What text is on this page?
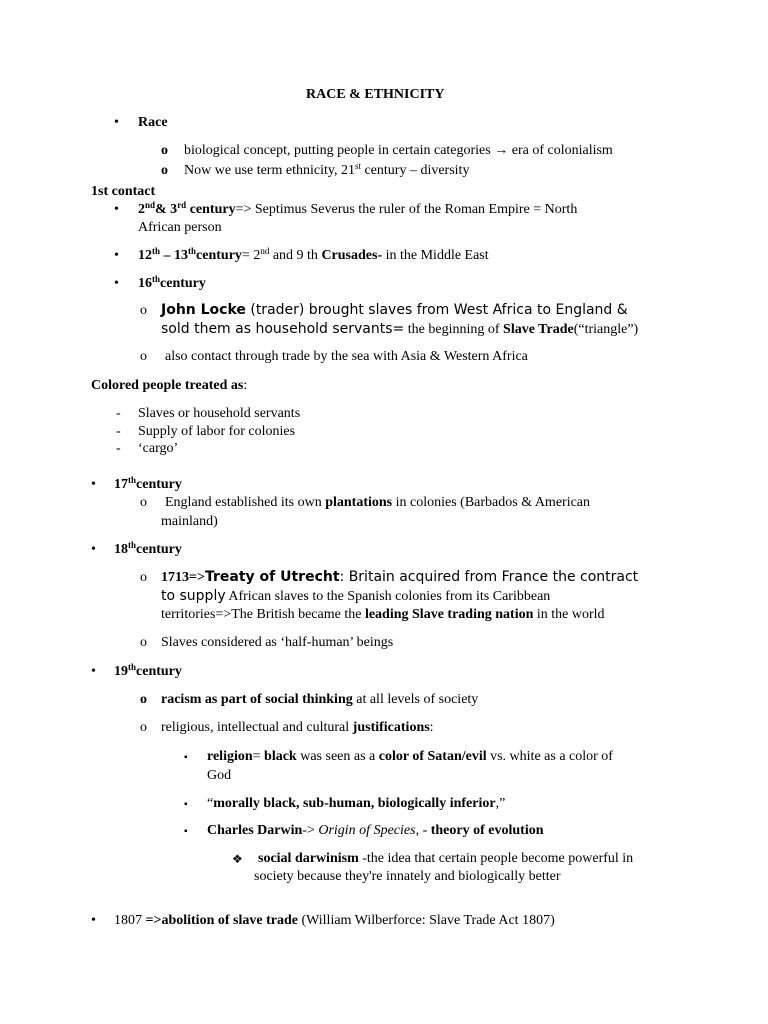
RACE & ETHNICITY
• Race
o biological concept, putting people in certain categories → era of colonialism
o Now we use term ethnicity, 21st century – diversity
1st contact
• 2nd& 3rd century=> Septimus Severus the ruler of the Roman Empire = North
African person
• 12th – 13thcentury= 2nd and 9 th Crusades- in the Middle East
• 16thcentury
o John Locke (trader) brought slaves from West Africa to England &
sold them as household servants= the beginning of Slave Trade(“triangle”)
o also contact through trade by the sea with Asia & Western Africa
Colored people treated as:
- Slaves or household servants
- Supply of labor for colonies
- ‘cargo’
• 17thcentury
o England established its own plantations in colonies (Barbados & American
mainland)
• 18thcentury
o 1713=>Treaty of Utrecht: Britain acquired from France the contract
to supply African slaves to the Spanish colonies from its Caribbean
territories=>The British became the leading Slave trading nation in the world
o Slaves considered as ‘half-human’ beings
• 19thcentury
o racism as part of social thinking at all levels of society
o religious, intellectual and cultural justifications:
▪ religion= black was seen as a color of Satan/evil vs. white as a color of
God
▪ “morally black, sub-human, biologically inferior,”
▪ Charles Darwin-> Origin of Species, - theory of evolution
❖ social darwinism -the idea that certain people become powerful in
society because they're innately and biologically better
• 1807 =>abolition of slave trade (William Wilberforce: Slave Trade Act 1807)
